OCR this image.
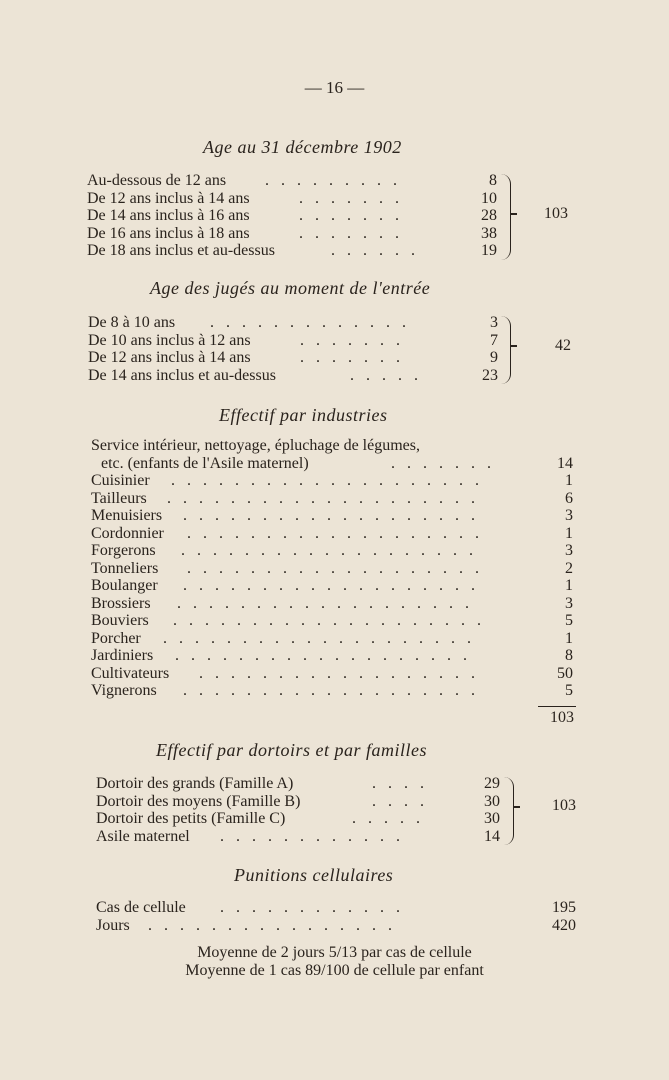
— 16 —
Age au 31 décembre 1902
Au-dessous de 12 ans . . . . . . . . .	8
De 12 ans inclus à 14 ans	. . . . . . .	10
De 14 ans inclus à 16 ans	. . . . . . .	28
De 16 ans inclus à 18 ans	. . . . . . .	38
De 18 ans inclus et au-dessus	. . . . . .	19
103
Age des jugés au moment de l'entrée
De 8 à 10 ans . . . . . . . . . . . . .	3
De 10 ans inclus à 12 ans	. . . . . . .	7
De 12 ans inclus à 14 ans	. . . . . . .	9
De 14 ans inclus et au-dessus	. . . . .	23
42
Effectif par industries
Service intérieur, nettoyage, épluchage de légumes,
etc. (enfants de l'Asile maternel)	. . . . . . .	14
Cuisinier . . . . . . . . . . . . . . . . . . . .	1
Tailleurs . . . . . . . . . . . . . . . . . . . .	6
Menuisiers . . . . . . . . . . . . . . . . . . .	3
Cordonnier . . . . . . . . . . . . . . . . . . .	1
Forgerons . . . . . . . . . . . . . . . . . . .	3
Tonneliers . . . . . . . . . . . . . . . . . . .	2
Boulanger . . . . . . . . . . . . . . . . . . .	1
Brossiers . . . . . . . . . . . . . . . . . . .	3
Bouviers . . . . . . . . . . . . . . . . . . . .	5
Porcher . . . . . . . . . . . . . . . . . . . .	1
Jardiniers . . . . . . . . . . . . . . . . . . .	8
Cultivateurs . . . . . . . . . . . . . . . . . .	50
Vignerons . . . . . . . . . . . . . . . . . . .	5
103
Effectif par dortoirs et par familles
Dortoir des grands (Famille A)	. . . .	29
Dortoir des moyens (Famille B)	. . . .	30
Dortoir des petits (Famille C)	. . . . .	30
Asile maternel . . . . . . . . . . . .	14
103
Punitions cellulaires
Cas de cellule . . . . . . . . . . . .	195
Jours . . . . . . . . . . . . . . . .	420
Moyenne de 2 jours 5/13 par cas de cellule
Moyenne de 1 cas 89/100 de cellule par enfant
